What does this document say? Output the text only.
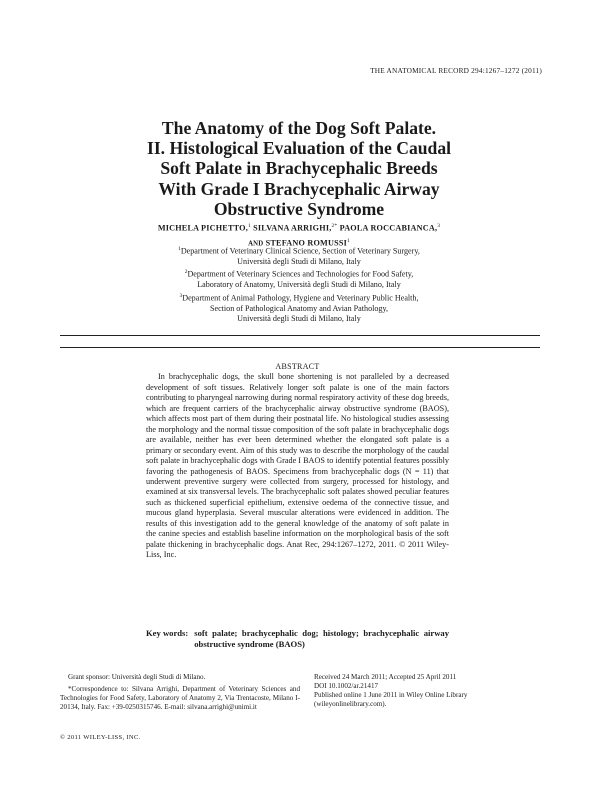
THE ANATOMICAL RECORD 294:1267–1272 (2011)
The Anatomy of the Dog Soft Palate.
II. Histological Evaluation of the Caudal
Soft Palate in Brachycephalic Breeds
With Grade I Brachycephalic Airway
Obstructive Syndrome
MICHELA PICHETTO,$^1$ SILVANA ARRIGHI,$^{2*}$ PAOLA ROCCABIANCA,$^3$
AND STEFANO ROMUSSI$^1$
$^1$Department of Veterinary Clinical Science, Section of Veterinary Surgery,
Università degli Studi di Milano, Italy
$^2$Department of Veterinary Sciences and Technologies for Food Safety,
Laboratory of Anatomy, Università degli Studi di Milano, Italy
$^3$Department of Animal Pathology, Hygiene and Veterinary Public Health,
Section of Pathological Anatomy and Avian Pathology,
Università degli Studi di Milano, Italy
ABSTRACT

In brachycephalic dogs, the skull bone shortening is not paralleled by a decreased development of soft tissues. Relatively longer soft palate is one of the main factors contributing to pharyngeal narrowing during normal respiratory activity of these dog breeds, which are frequent carriers of the brachycephalic airway obstructive syndrome (BAOS), which affects most part of them during their postnatal life. No histological studies assessing the morphology and the normal tissue composition of the soft palate in brachycephalic dogs are available, neither has ever been determined whether the elongated soft palate is a primary or secondary event. Aim of this study was to describe the morphology of the caudal soft palate in brachycephalic dogs with Grade I BAOS to identify potential features possibly favoring the pathogenesis of BAOS. Specimens from brachycephalic dogs (N = 11) that underwent preventive surgery were collected from surgery, processed for histology, and examined at six transversal levels. The brachycephalic soft palates showed peculiar features such as thickened superficial epithelium, extensive oedema of the connective tissue, and mucous gland hyperplasia. Several muscular alterations were evidenced in addition. The results of this investigation add to the general knowledge of the anatomy of soft palate in the canine species and establish baseline information on the morphological basis of the soft palate thickening in brachycephalic dogs. Anat Rec, 294:1267–1272, 2011. © 2011 Wiley-Liss, Inc.

Key words: soft palate; brachycephalic dog; histology; brachycephalic airway obstructive syndrome (BAOS)

Grant sponsor: Università degli Studi di Milano.

*Correspondence to: Silvana Arrighi, Department of Veterinary Sciences and Technologies for Food Safety, Laboratory of Anatomy 2, Via Trentacoste, Milano I-20134, Italy. Fax: +39-0250315746. E-mail: silvana.arrighi@unimi.it

Received 24 March 2011; Accepted 25 April 2011

DOI 10.1002/ar.21417

Published online 1 June 2011 in Wiley Online Library (wileyonlinelibrary.com).

© 2011 WILEY-LISS, INC.
